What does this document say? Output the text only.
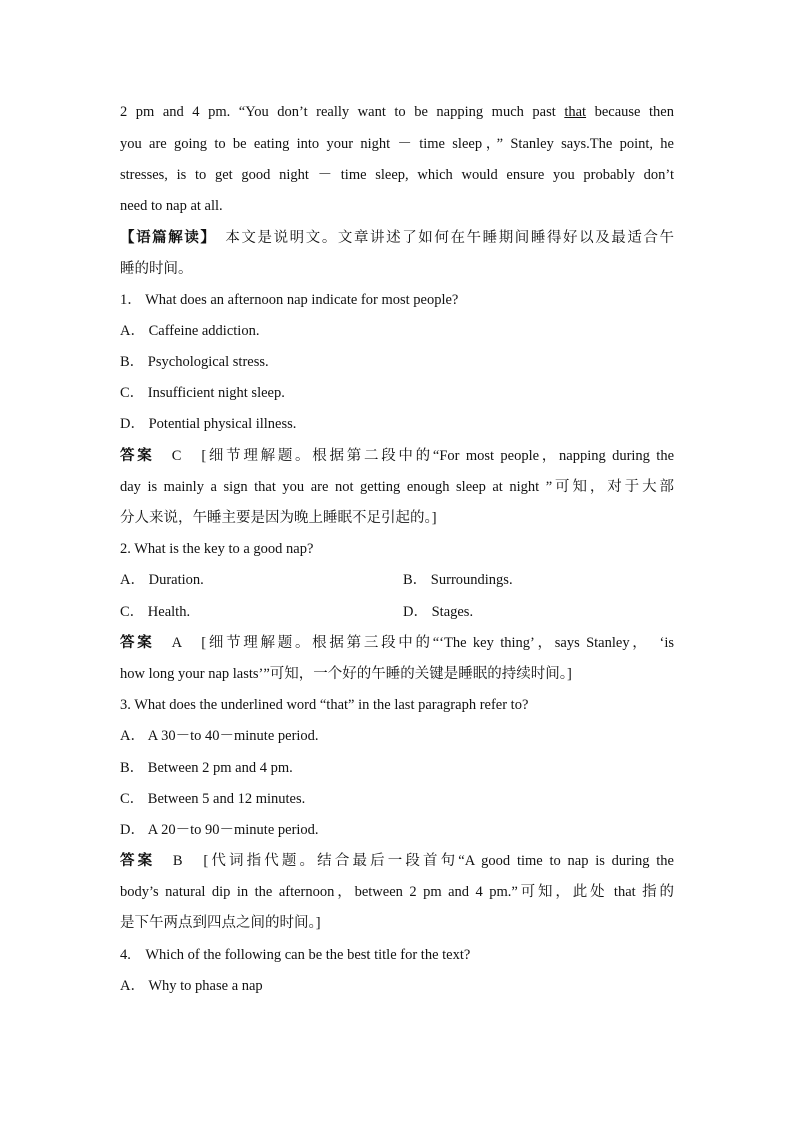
2 pm and 4 pm. “You don’t really want to be napping much past that because then
you are going to be eating into your night － time sleep，” Stanley says.The point, he
stresses, is to get good night － time sleep, which would ensure you probably don’t
need to nap at all.
【语篇解读】　本文是说明文。文章讲述了如何在午睡期间睡得好以及最适合午
睡的时间。
1． What does an afternoon nap indicate for most people?
A． Caffeine addiction.
B． Psychological stress.
C． Insufficient night sleep.
D． Potential physical illness.
答案　C　[细节理解题。根据第二段中的“For most people，napping during the
day is mainly a sign that you are not getting enough sleep at night ”可知，对于大部
分人来说，午睡主要是因为晚上睡眠不足引起的。]
2. What is the key to a good nap?
A． Duration.	B． Surroundings.
C． Health.	D． Stages.
答案　A　[细节理解题。根据第三段中的“‘The key thing’，says Stanley，　‘is
how long your nap lasts’”可知，一个好的午睡的关键是睡眠的持续时间。]
3. What does the underlined word “that” in the last paragraph refer to?
A． A 30－to 40－minute period.
B． Between 2 pm and 4 pm.
C． Between 5 and 12 minutes.
D． A 20－to 90－minute period.
答案　B　[代词指代题。结合最后一段首句“A good time to nap is during the
body’s natural dip in the afternoon，between 2 pm and 4 pm.”可知，此处 that 指的
是下午两点到四点之间的时间。]
4.　Which of the following can be the best title for the text?
A． Why to phase a nap
